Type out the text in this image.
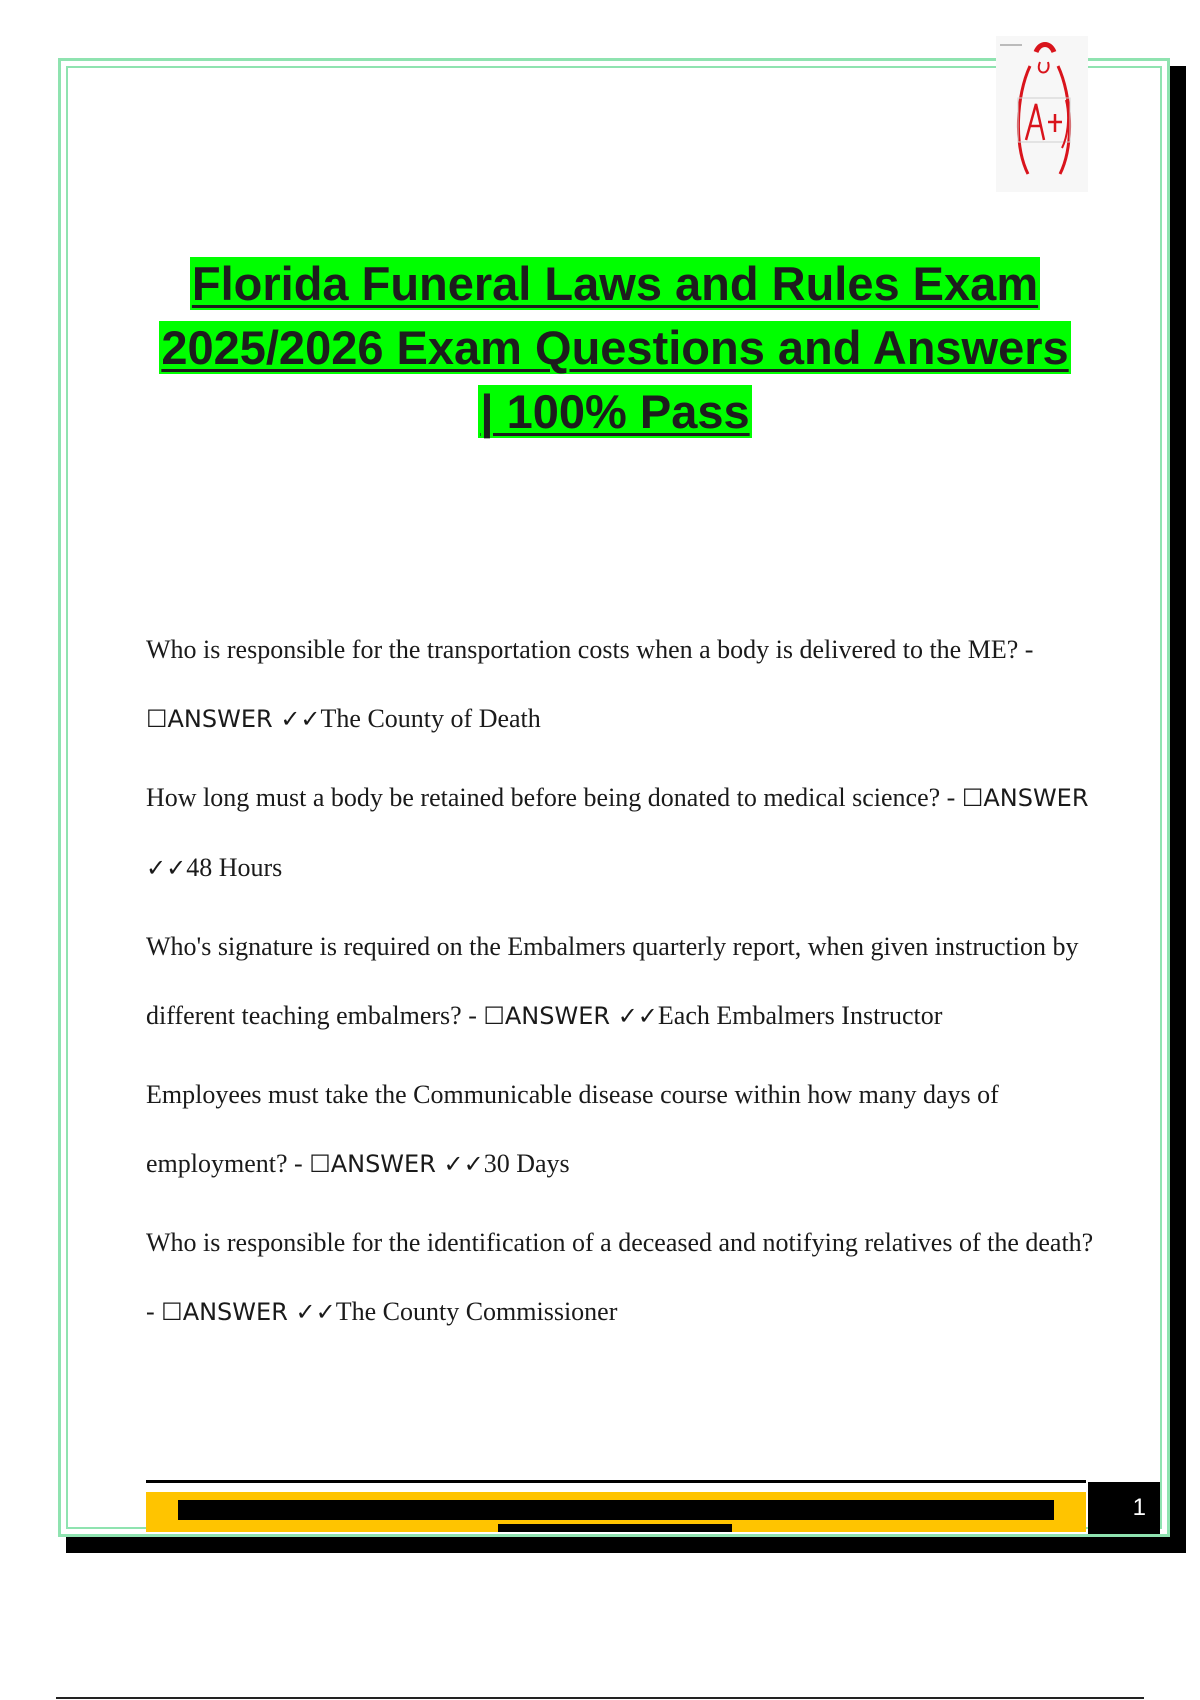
Florida Funeral Laws and Rules Exam
2025/2026 Exam Questions and Answers
| 100% Pass
Who is responsible for the transportation costs when a body is delivered to the ME? - ☐ANSWER ✓✓The County of Death
How long must a body be retained before being donated to medical science? - ☐ANSWER ✓✓48 Hours
Who's signature is required on the Embalmers quarterly report, when given instruction by different teaching embalmers? - ☐ANSWER ✓✓Each Embalmers Instructor
Employees must take the Communicable disease course within how many days of employment? - ☐ANSWER ✓✓30 Days
Who is responsible for the identification of a deceased and notifying relatives of the death? - ☐ANSWER ✓✓The County Commissioner
1
